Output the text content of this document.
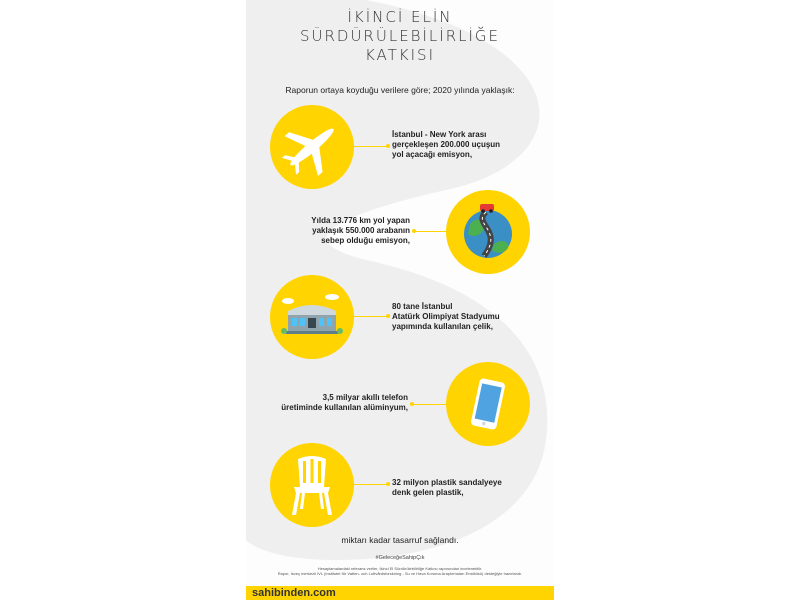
İKİNCİ ELİN
SÜRDÜRÜLEBİLİRLİĞE
KATKISI
Raporun ortaya koyduğu verilere göre; 2020 yılında yaklaşık:
İstanbul - New York arası
gerçekleşen 200.000 uçuşun
yol açacağı emisyon,
Yılda 13.776 km yol yapan
yaklaşık 550.000 arabanın
sebep olduğu emisyon,
80 tane İstanbul
Atatürk Olimpiyat Stadyumu
yapımında kullanılan çelik,
3,5 milyar akıllı telefon
üretiminde kullanılan alüminyum,
32 milyon plastik sandalyeye
denk gelen plastik,
miktarı kadar tasarruf sağlandı.
#GeleceğeSahipÇık
Hesaplamalardaki referans veriler, İkinci El Sürdürülebilirliğe Katkısı raporundan incelenebilir.
Rapor, İsveç merkezli IVL (Institutet för Vatten- och Luftvårdsforskning - Su ve Hava Koruma Araştırmaları Enstitüsü) desteğiyle hazırlandı.
sahibinden.com
